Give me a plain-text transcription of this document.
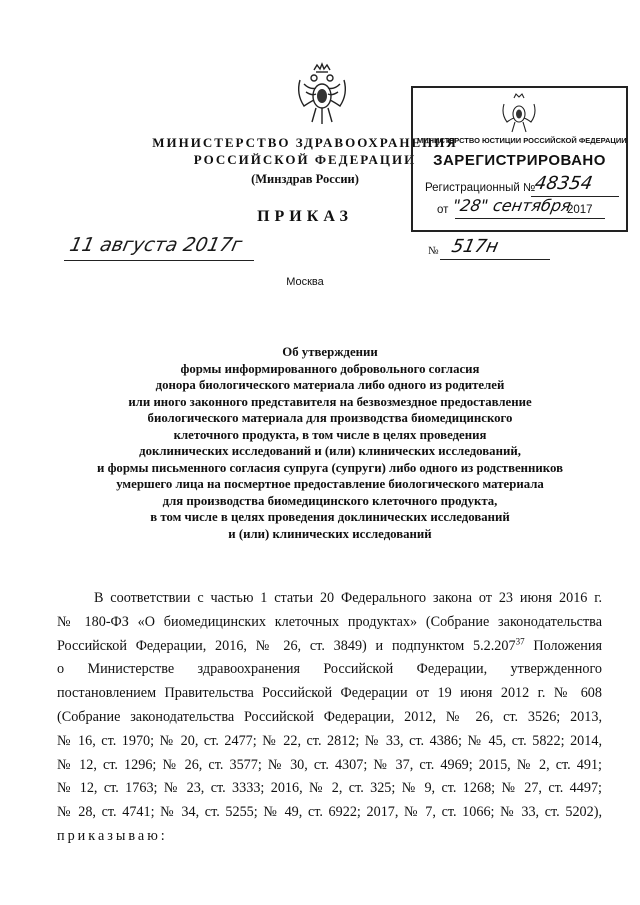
МИНИСТЕРСТВО ЗДРАВООХРАНЕНИЯ
РОССИЙСКОЙ ФЕДЕРАЦИИ
(Минздрав России)
ПРИКАЗ
11 августа 2017г	№ 517н
Москва
МИНИСТЕРСТВО ЮСТИЦИИ РОССИЙСКОЙ ФЕДЕРАЦИИ
ЗАРЕГИСТРИРОВАНО
Регистрационный №
48354
от "28" сентября
2017
Об утверждении
формы информированного добровольного согласия
донора биологического материала либо одного из родителей
или иного законного представителя на безвозмездное предоставление
биологического материала для производства биомедицинского
клеточного продукта, в том числе в целях проведения
доклинических исследований и (или) клинических исследований,
и формы письменного согласия супруга (супруги) либо одного из родственников
умершего лица на посмертное предоставление биологического материала
для производства биомедицинского клеточного продукта,
в том числе в целях проведения доклинических исследований
и (или) клинических исследований
В соответствии с частью 1 статьи 20 Федерального закона от 23 июня 2016 г.
№ 180-ФЗ «О биомедицинских клеточных продуктах» (Собрание законодательства
Российской Федерации, 2016, № 26, ст. 3849) и подпунктом 5.2.207$^{37}$ Положения
о Министерстве здравоохранения Российской Федерации, утвержденного
постановлением Правительства Российской Федерации от 19 июня 2012 г. № 608
(Собрание законодательства Российской Федерации, 2012, № 26, ст. 3526; 2013,
№ 16, ст. 1970; № 20, ст. 2477; № 22, ст. 2812; № 33, ст. 4386; № 45, ст. 5822; 2014,
№ 12, ст. 1296; № 26, ст. 3577; № 30, ст. 4307; № 37, ст. 4969; 2015, № 2, ст. 491;
№ 12, ст. 1763; № 23, ст. 3333; 2016, № 2, ст. 325; № 9, ст. 1268; № 27, ст. 4497;
№ 28, ст. 4741; № 34, ст. 5255; № 49, ст. 6922; 2017, № 7, ст. 1066; № 33, ст. 5202),
приказываю:
